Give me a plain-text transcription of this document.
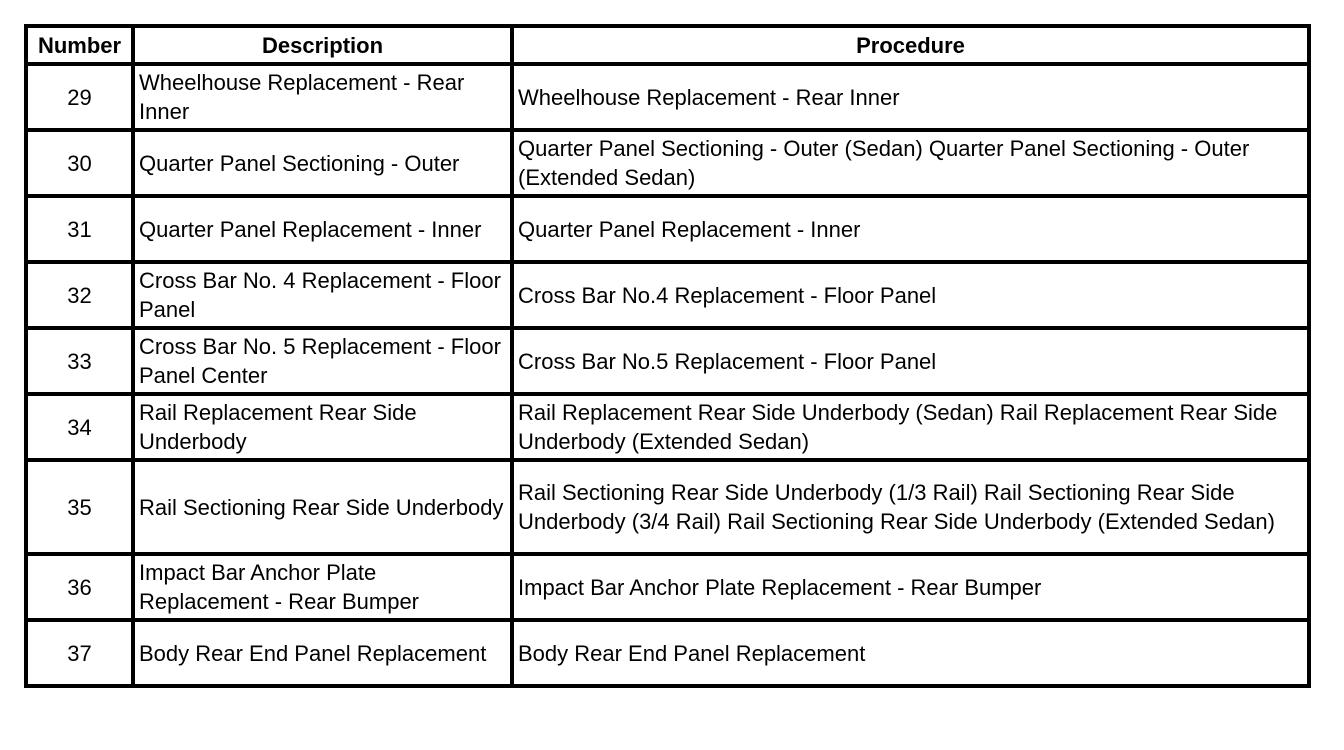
Number	Description	Procedure
29	Wheelhouse Replacement - Rear Inner	Wheelhouse Replacement - Rear Inner
30	Quarter Panel Sectioning - Outer	Quarter Panel Sectioning - Outer (Sedan) Quarter Panel Sectioning - Outer (Extended Sedan)
31	Quarter Panel Replacement - Inner	Quarter Panel Replacement - Inner
32	Cross Bar No. 4 Replacement - Floor Panel	Cross Bar No.4 Replacement - Floor Panel
33	Cross Bar No. 5 Replacement - Floor Panel Center	Cross Bar No.5 Replacement - Floor Panel
34	Rail Replacement Rear Side Underbody	Rail Replacement Rear Side Underbody (Sedan) Rail Replacement Rear Side Underbody (Extended Sedan)
35	Rail Sectioning Rear Side Underbody	Rail Sectioning Rear Side Underbody (1/3 Rail) Rail Sectioning Rear Side Underbody (3/4 Rail) Rail Sectioning Rear Side Underbody (Extended Sedan)
36	Impact Bar Anchor Plate Replacement - Rear Bumper	Impact Bar Anchor Plate Replacement - Rear Bumper
37	Body Rear End Panel Replacement	Body Rear End Panel Replacement
